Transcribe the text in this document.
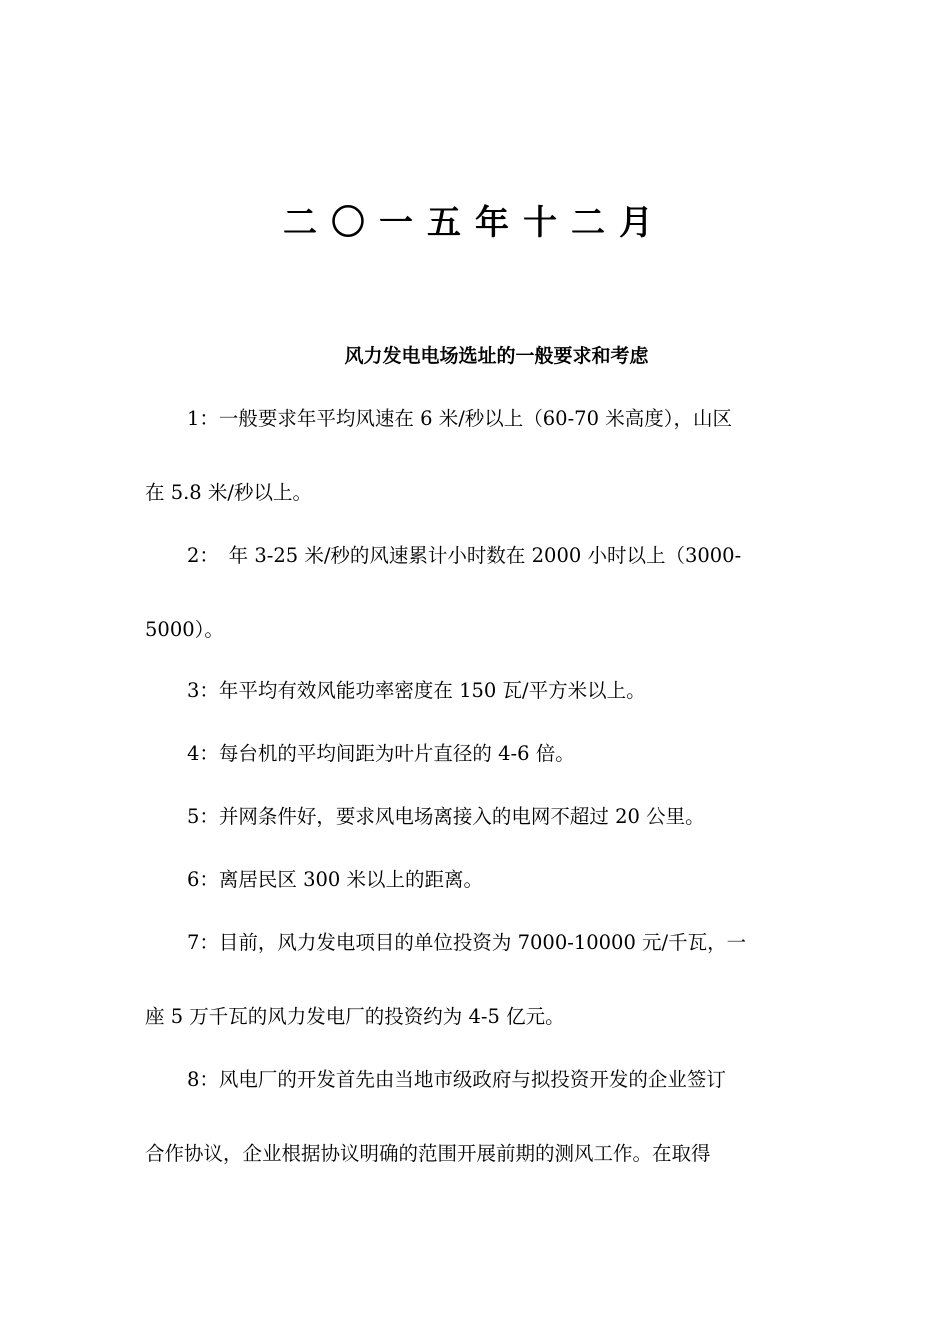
二〇一五年十二月
风力发电电场选址的一般要求和考虑
1：一般要求年平均风速在 6 米/秒以上（60-70 米高度），山区
在 5.8 米/秒以上。
2：　年 3-25 米/秒的风速累计小时数在 2000 小时以上（3000-
5000）。
3：年平均有效风能功率密度在 150 瓦/平方米以上。
4：每台机的平均间距为叶片直径的 4-6 倍。
5：并网条件好，要求风电场离接入的电网不超过 20 公里。
6：离居民区 300 米以上的距离。
7：目前，风力发电项目的单位投资为 7000-10000 元/千瓦，一
座 5 万千瓦的风力发电厂的投资约为 4-5 亿元。
8：风电厂的开发首先由当地市级政府与拟投资开发的企业签订
合作协议，企业根据协议明确的范围开展前期的测风工作。在取得
